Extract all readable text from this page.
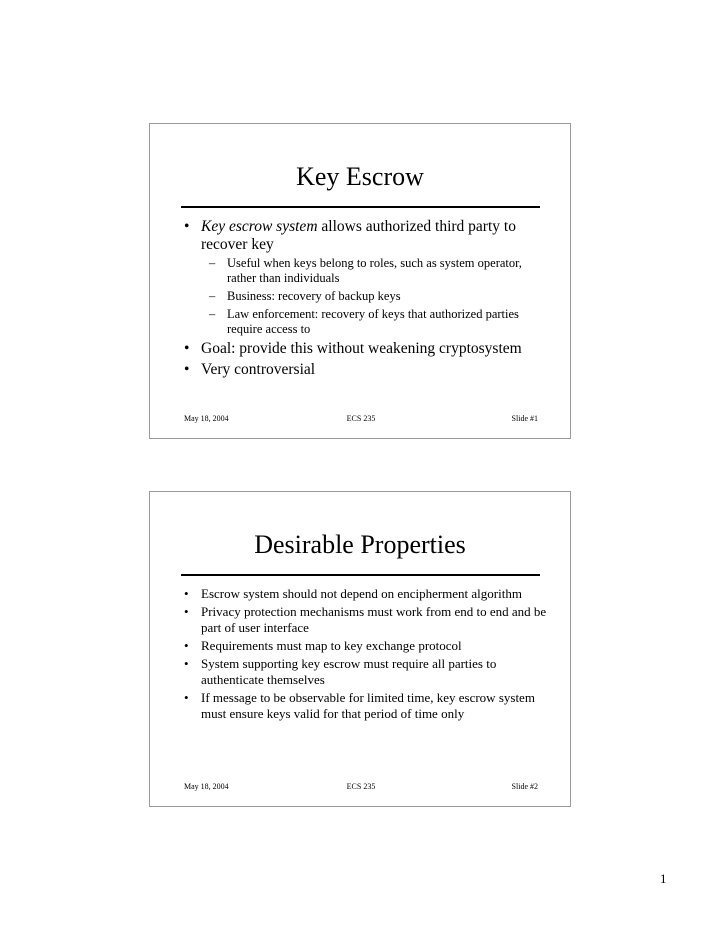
Key Escrow
• Key escrow system allows authorized third party to recover key
– Useful when keys belong to roles, such as system operator, rather than individuals
– Business: recovery of backup keys
– Law enforcement: recovery of keys that authorized parties require access to
• Goal: provide this without weakening cryptosystem
• Very controversial
May 18, 2004	ECS 235	Slide #1
Desirable Properties
• Escrow system should not depend on encipherment algorithm
• Privacy protection mechanisms must work from end to end and be part of user interface
• Requirements must map to key exchange protocol
• System supporting key escrow must require all parties to authenticate themselves
• If message to be observable for limited time, key escrow system must ensure keys valid for that period of time only
May 18, 2004	ECS 235	Slide #2
1
